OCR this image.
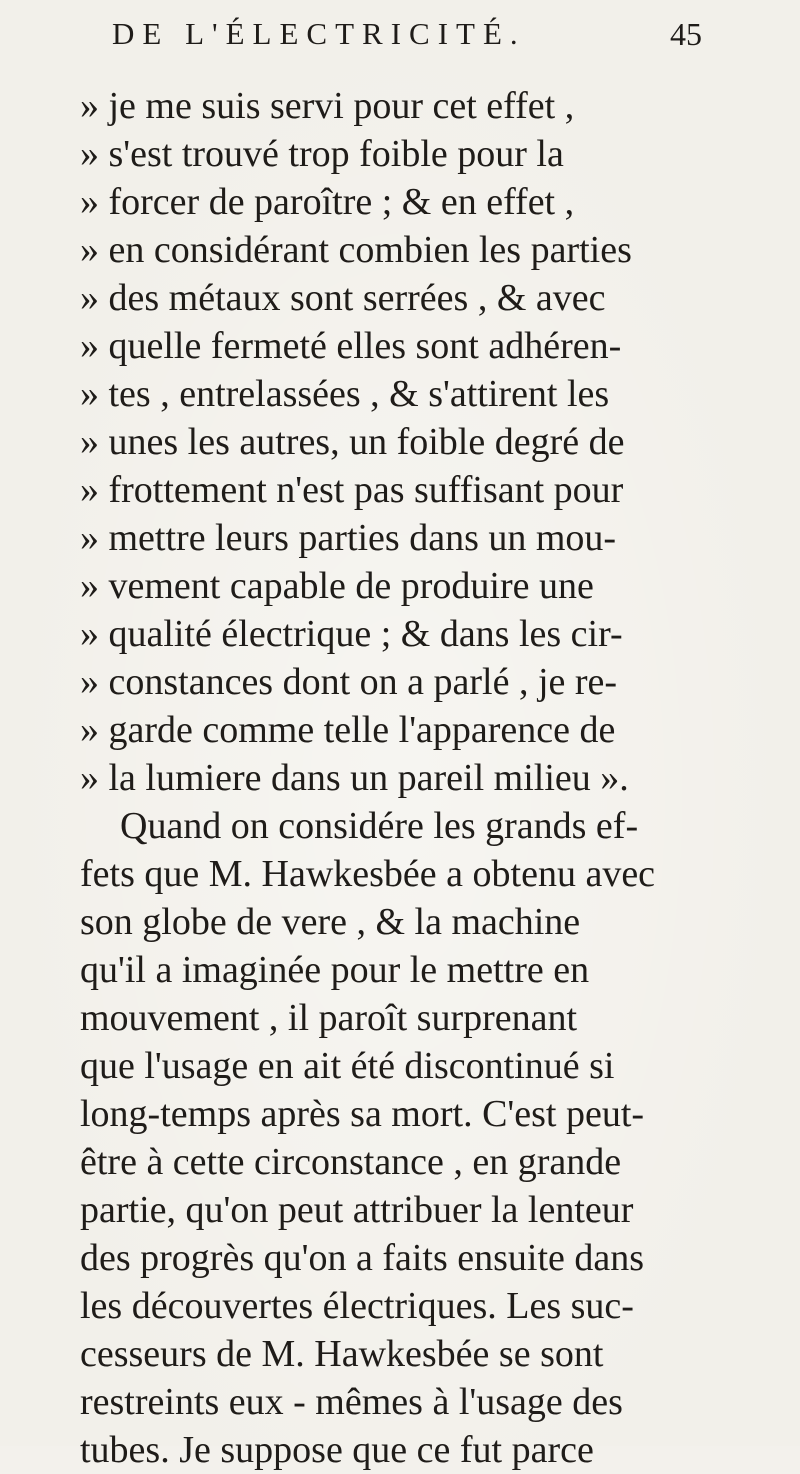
DE L'ÉLECTRICITÉ.	45
» je me suis servi pour cet effet ,
» s'est trouvé trop foible pour la
» forcer de paroître ; & en effet ,
» en considérant combien les parties
» des métaux sont serrées , & avec
» quelle fermeté elles sont adhéren-
» tes , entrelassées , & s'attirent les
» unes les autres, un foible degré de
» frottement n'est pas suffisant pour
» mettre leurs parties dans un mou-
» vement capable de produire une
» qualité électrique ; & dans les cir-
» constances dont on a parlé , je re-
» garde comme telle l'apparence de
» la lumiere dans un pareil milieu ».
Quand on considére les grands ef-
fets que M. Hawkesbée a obtenu avec
son globe de vere , & la machine
qu'il a imaginée pour le mettre en
mouvement , il paroît surprenant
que l'usage en ait été discontinué si
long-temps après sa mort. C'est peut-
être à cette circonstance , en grande
partie, qu'on peut attribuer la lenteur
des progrès qu'on a faits ensuite dans
les découvertes électriques. Les suc-
cesseurs de M. Hawkesbée se sont
restreints eux - mêmes à l'usage des
tubes. Je suppose que ce fut parce
